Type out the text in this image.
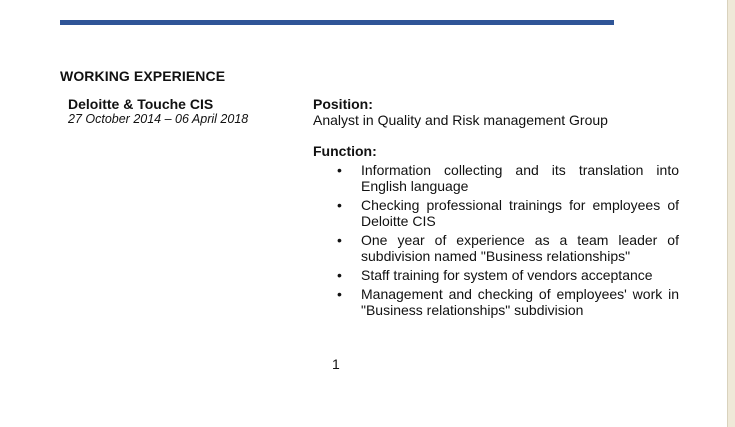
WORKING EXPERIENCE
Deloitte & Touche CIS
27 October 2014 – 06 April 2018
Position:
Analyst in Quality and Risk management Group
Function:
• Information collecting and its translation into English language
• Checking professional trainings for employees of Deloitte CIS
• One year of experience as a team leader of subdivision named "Business relationships"
• Staff training for system of vendors acceptance
• Management and checking of employees' work in "Business relationships" subdivision
1
